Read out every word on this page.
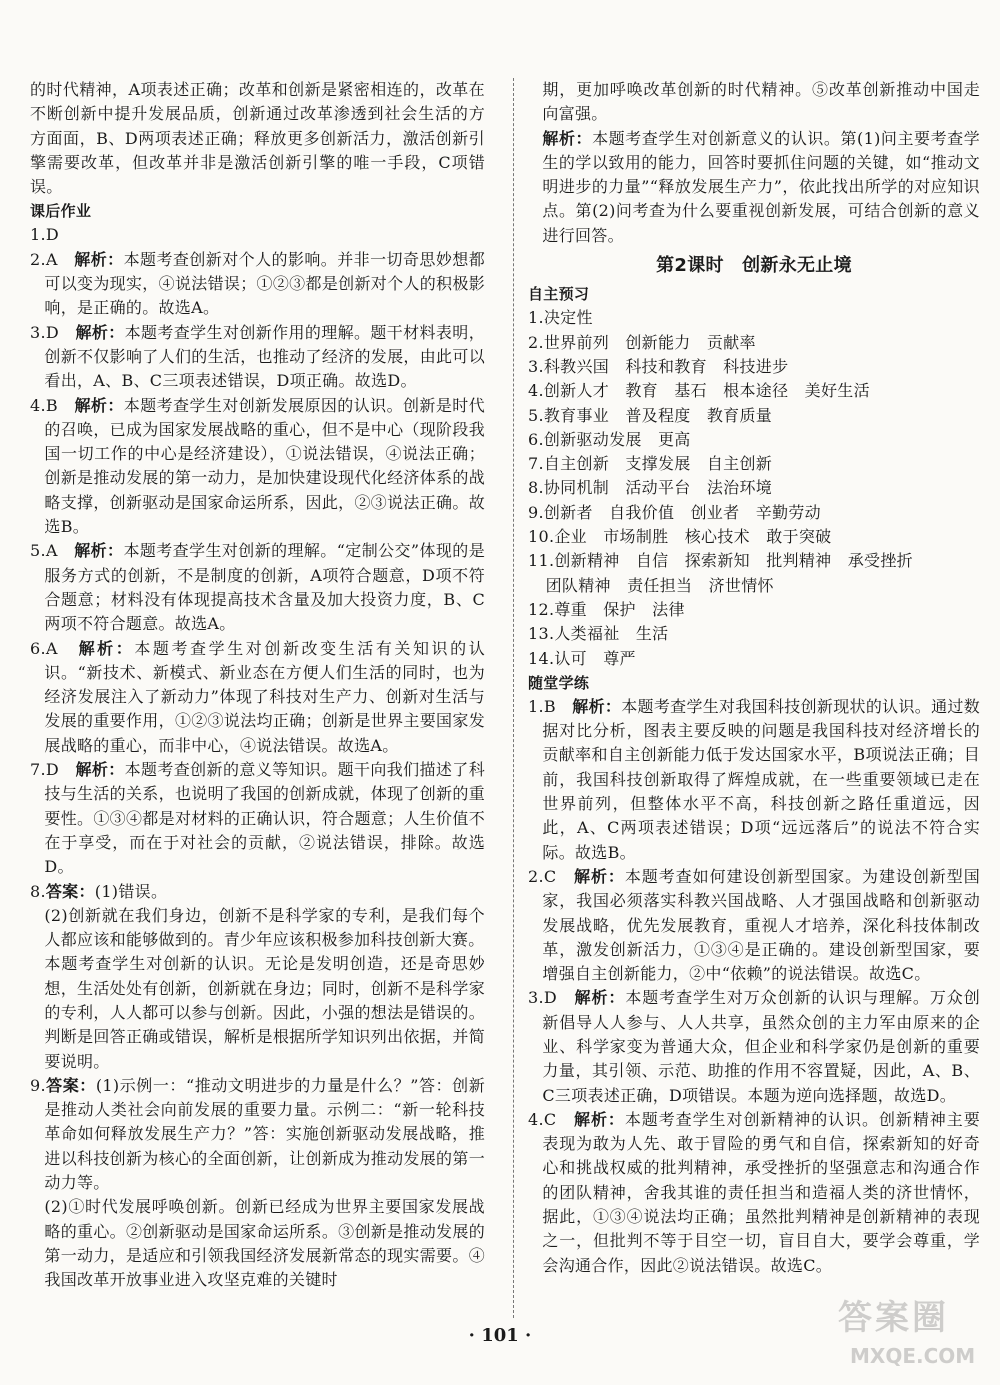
的时代精神，A项表述正确；改革和创新是紧密相连的，改革在不断创新中提升发展品质，创新通过改革渗透到社会生活的方方面面，B、D两项表述正确；释放更多创新活力，激活创新引擎需要改革，但改革并非是激活创新引擎的唯一手段，C项错误。
课后作业
1.D
2.A　解析：本题考查创新对个人的影响。并非一切奇思妙想都可以变为现实，④说法错误；①②③都是创新对个人的积极影响，是正确的。故选A。
3.D　解析：本题考查学生对创新作用的理解。题干材料表明，创新不仅影响了人们的生活，也推动了经济的发展，由此可以看出，A、B、C三项表述错误，D项正确。故选D。
4.B　解析：本题考查学生对创新发展原因的认识。创新是时代的召唤，已成为国家发展战略的重心，但不是中心（现阶段我国一切工作的中心是经济建设），①说法错误，④说法正确；创新是推动发展的第一动力，是加快建设现代化经济体系的战略支撑，创新驱动是国家命运所系，因此，②③说法正确。故选B。
5.A　解析：本题考查学生对创新的理解。“定制公交”体现的是服务方式的创新，不是制度的创新，A项符合题意，D项不符合题意；材料没有体现提高技术含量及加大投资力度，B、C两项不符合题意。故选A。
6.A　解析：本题考查学生对创新改变生活有关知识的认识。“新技术、新模式、新业态在方便人们生活的同时，也为经济发展注入了新动力”体现了科技对生产力、创新对生活与发展的重要作用，①②③说法均正确；创新是世界主要国家发展战略的重心，而非中心，④说法错误。故选A。
7.D　解析：本题考查创新的意义等知识。题干向我们描述了科技与生活的关系，也说明了我国的创新成就，体现了创新的重要性。①③④都是对材料的正确认识，符合题意；人生价值不在于享受，而在于对社会的贡献，②说法错误，排除。故选D。
8.答案：(1)错误。
(2)创新就在我们身边，创新不是科学家的专利，是我们每个人都应该和能够做到的。青少年应该积极参加科技创新大赛。
本题考查学生对创新的认识。无论是发明创造，还是奇思妙想，生活处处有创新，创新就在身边；同时，创新不是科学家的专利，人人都可以参与创新。因此，小强的想法是错误的。判断是回答正确或错误，解析是根据所学知识列出依据，并简要说明。
9.答案：(1)示例一：“推动文明进步的力量是什么？”答：创新是推动人类社会向前发展的重要力量。示例二：“新一轮科技革命如何释放发展生产力？”答：实施创新驱动发展战略，推进以科技创新为核心的全面创新，让创新成为推动发展的第一动力等。
(2)①时代发展呼唤创新。创新已经成为世界主要国家发展战略的重心。②创新驱动是国家命运所系。③创新是推动发展的第一动力，是适应和引领我国经济发展新常态的现实需要。④我国改革开放事业进入攻坚克难的关键时
期，更加呼唤改革创新的时代精神。⑤改革创新推动中国走向富强。
解析：本题考查学生对创新意义的认识。第(1)问主要考查学生的学以致用的能力，回答时要抓住问题的关键，如“推动文明进步的力量”“释放发展生产力”，依此找出所学的对应知识点。第(2)问考查为什么要重视创新发展，可结合创新的意义进行回答。
第2课时　创新永无止境
自主预习
1.决定性
2.世界前列　创新能力　贡献率
3.科教兴国　科技和教育　科技进步
4.创新人才　教育　基石　根本途径　美好生活
5.教育事业　普及程度　教育质量
6.创新驱动发展　更高
7.自主创新　支撑发展　自主创新
8.协同机制　活动平台　法治环境
9.创新者　自我价值　创业者　辛勤劳动
10.企业　市场制胜　核心技术　敢于突破
11.创新精神　自信　探索新知　批判精神　承受挫折
团队精神　责任担当　济世情怀
12.尊重　保护　法律
13.人类福祉　生活
14.认可　尊严
随堂学练
1.B　解析：本题考查学生对我国科技创新现状的认识。通过数据对比分析，图表主要反映的问题是我国科技对经济增长的贡献率和自主创新能力低于发达国家水平，B项说法正确；目前，我国科技创新取得了辉煌成就，在一些重要领域已走在世界前列，但整体水平不高，科技创新之路任重道远，因此，A、C两项表述错误；D项“远远落后”的说法不符合实际。故选B。
2.C　解析：本题考查如何建设创新型国家。为建设创新型国家，我国必须落实科教兴国战略、人才强国战略和创新驱动发展战略，优先发展教育，重视人才培养，深化科技体制改革，激发创新活力，①③④是正确的。建设创新型国家，要增强自主创新能力，②中“依赖”的说法错误。故选C。
3.D　解析：本题考查学生对万众创新的认识与理解。万众创新倡导人人参与、人人共享，虽然众创的主力军由原来的企业、科学家变为普通大众，但企业和科学家仍是创新的重要力量，其引领、示范、助推的作用不容置疑，因此，A、B、C三项表述正确，D项错误。本题为逆向选择题，故选D。
4.C　解析：本题考查学生对创新精神的认识。创新精神主要表现为敢为人先、敢于冒险的勇气和自信，探索新知的好奇心和挑战权威的批判精神，承受挫折的坚强意志和沟通合作的团队精神，舍我其谁的责任担当和造福人类的济世情怀，据此，①③④说法均正确；虽然批判精神是创新精神的表现之一，但批判不等于目空一切，盲目自大，要学会尊重，学会沟通合作，因此②说法错误。故选C。
· 101 ·	答案圈
MXQE.COM
